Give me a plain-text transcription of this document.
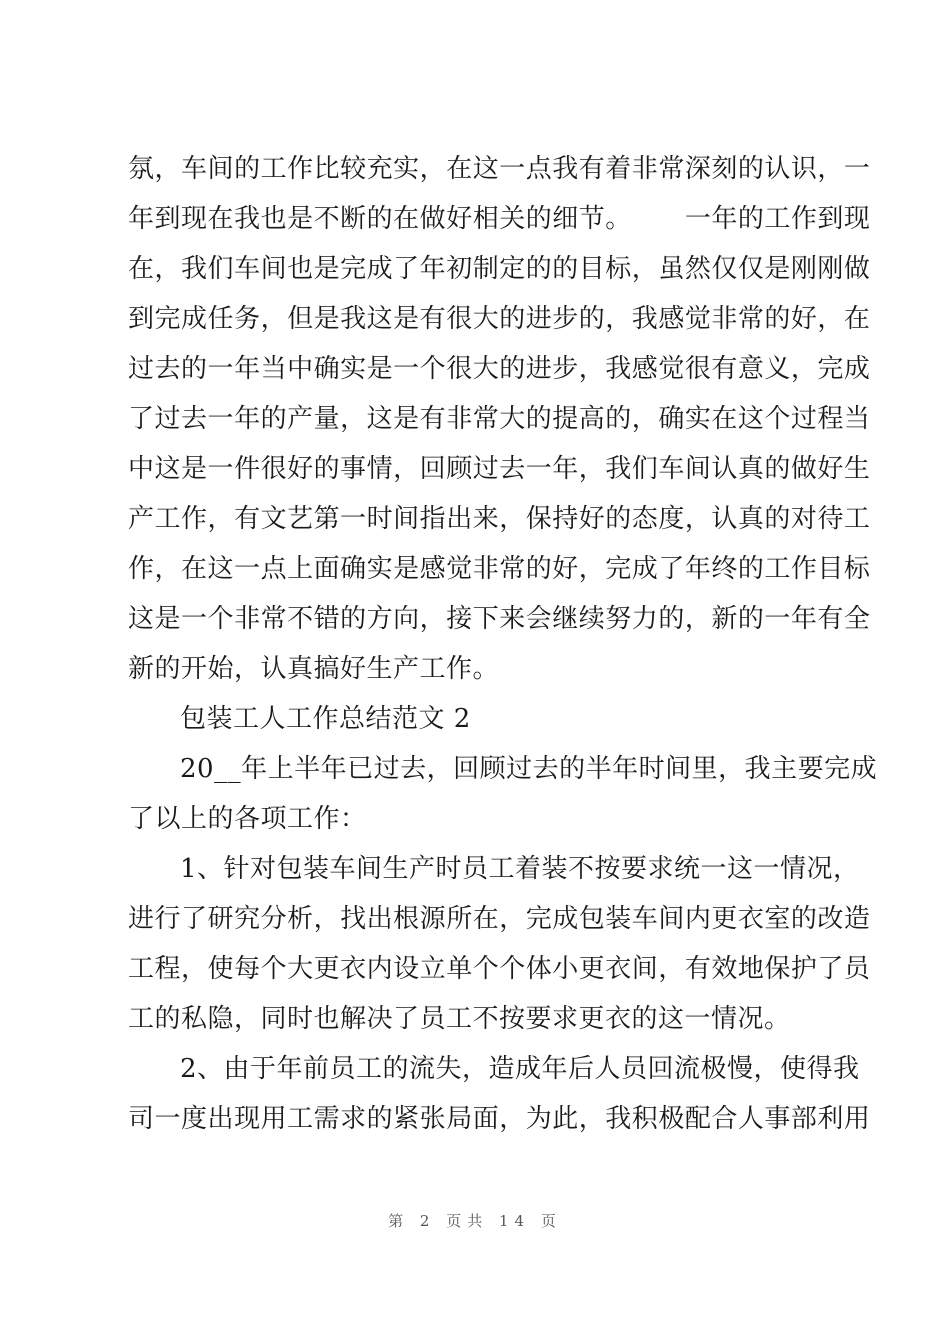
氛 ， 车 间 的 工 作 比 较 充 实 ， 在 这 一 点 我 有 着 非 常 深 刻 的 认 识 ， 一
年 到 现 在 我 也 是 不 断 的 在 做 好 相 关 的 细 节 。

　 一 年 的 工 作 到 现
在 ， 我 们 车 间 也 是 完 成 了 年 初 制 定 的 的 目 标 ， 虽 然 仅 仅 是 刚 刚 做
到 完 成 任 务 ， 但 是 我 这 是 有 很 大 的 进 步 的 ， 我 感 觉 非 常 的 好 ， 在
过 去 的 一 年 当 中 确 实 是 一 个 很 大 的 进 步 ， 我 感 觉 很 有 意 义 ， 完 成
了 过 去 一 年 的 产 量 ， 这 是 有 非 常 大 的 提 高 的 ， 确 实 在 这 个 过 程 当
中 这 是 一 件 很 好 的 事 情 ， 回 顾 过 去 一 年 ， 我 们 车 间 认 真 的 做 好 生
产 工 作 ， 有 文 艺 第 一 时 间 指 出 来 ， 保 持 好 的 态 度 ， 认 真 的 对 待 工
作 ， 在 这 一 点 上 面 确 实 是 感 觉 非 常 的 好 ， 完 成 了 年 终 的 工 作 目 标
这 是 一 个 非 常 不 错 的 方 向 ， 接 下 来 会 继 续 努 力 的 ， 新 的 一 年 有 全
新的开始，认真搞好生产工作。
包装工人工作总结范文 2
20__年上半年已过去，回顾过去的半年时间里，我主要完成
了以上的各项工作：
1、针对包装车间生产时员工着装不按要求统一这一情况，
进 行 了 研 究 分 析 ， 找 出 根 源 所 在 ， 完 成 包 装 车 间 内 更 衣 室 的 改 造
工 程 ， 使 每 个 大 更 衣 内 设 立 单 个 个 体 小 更 衣 间 ， 有 效 地 保 护 了 员
工的私隐，同时也解决了员工不按要求更衣的这一情况。
2、由于年前员工的流失，造成年后人员回流极慢，使得我
司 一 度 出 现 用 工 需 求 的 紧 张 局 面 ， 为 此 ， 我 积 极 配 合 人 事 部 利 用
第 2 页共 14 页
